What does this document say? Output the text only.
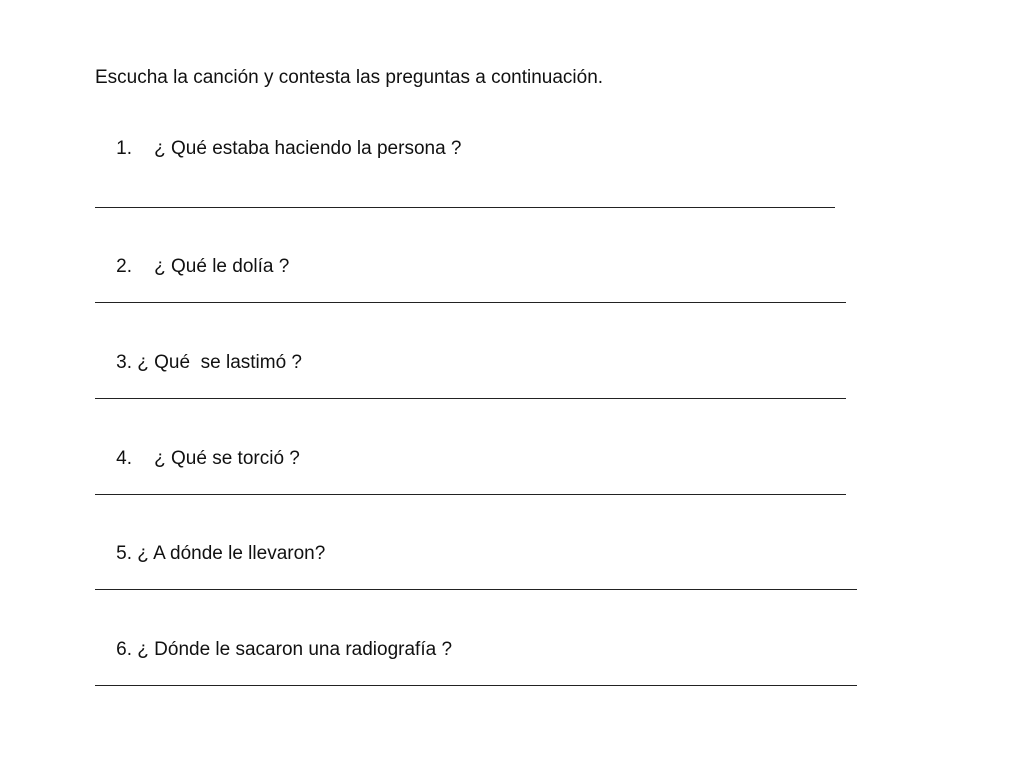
Escucha la canción y contesta las preguntas a continuación.

1. ¿ Qué estaba haciendo la persona ?

2. ¿ Qué le dolía ?

3. ¿ Qué  se lastimó ?

4. ¿ Qué se torció ?

5. ¿ A dónde le llevaron?

6. ¿ Dónde le sacaron una radiografía ?
